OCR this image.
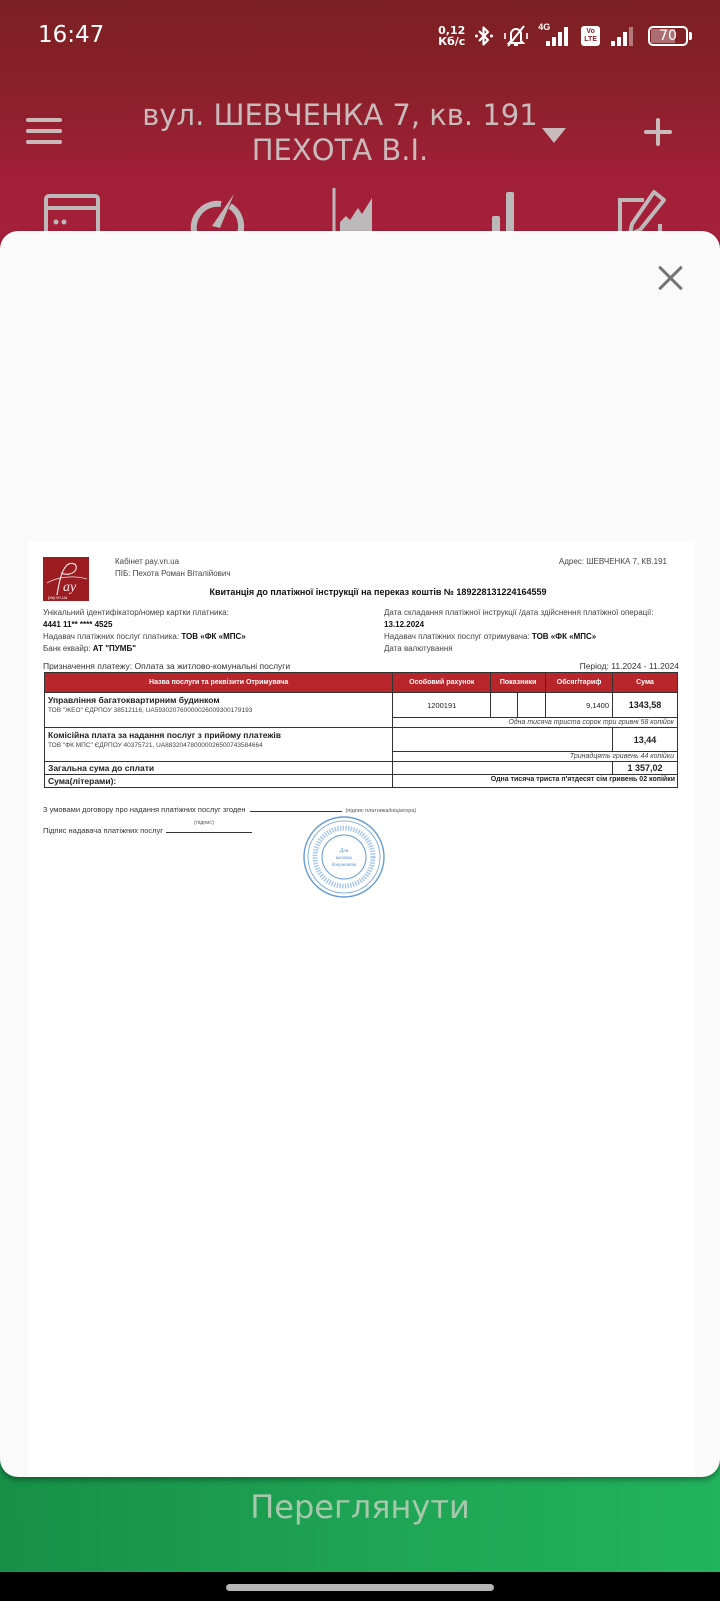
16:47	0,12
Кб/с
4G	Vo
LTE	70
вул. ШЕВЧЕНКА 7, кв. 191
ПЕХОТА В.І.
Переглянути
ay
pay.vn.ua
Кабінет pay.vn.ua
ПІБ: Пехота Роман Віталійович
Адрес: ШЕВЧЕНКА 7, КВ.191
Квитанція до платіжної інструкції на переказ коштів № 189228131224164559
Унікальний ідентифікатор/номер картки платника:
4441 11** **** 4525
Надавач платіжних послуг платника: ТОВ «ФК «МПС»
Банк еквайр: АТ "ПУМБ"
Дата складання платіжної інструкції /дата здійснення платіжної операції:
13.12.2024
Надавач платіжних послуг отримувача: ТОВ «ФК «МПС»
Дата валютування
Призначення платежу: Оплата за житлово-комунальні послуги	Період: 11.2024 - 11.2024
Назва послуги та реквізити Отримувача	Особовий рахунок	Показники		Обсяг/тариф	Сума

Управління багатоквартирним будинком
ТОВ "ЖЕО" ЄДРПОУ 38512116, UA593020760000026009300179193	1200191			9,1400	1343,58
	Одна тисяча триста сорок три гривні 58 копійок				

Комісійна плата за надання послуг з прийому платежів
ТОВ "ФК МПС" ЄДРПОУ 40375721, UA883204780000026500743584664					13,44
	Тринадцять гривень 44 копійки				
Загальна сума до сплати					1 357,02
Сума(літерами):	Одна тисяча триста п'ятдесят сім гривень 02 копійки				
З умовами договору про надання платіжних послуг згоден	(підпис платника/ініціатора)
Підпис надавача платіжних послуг
(підпис)
Для
касових
документів
